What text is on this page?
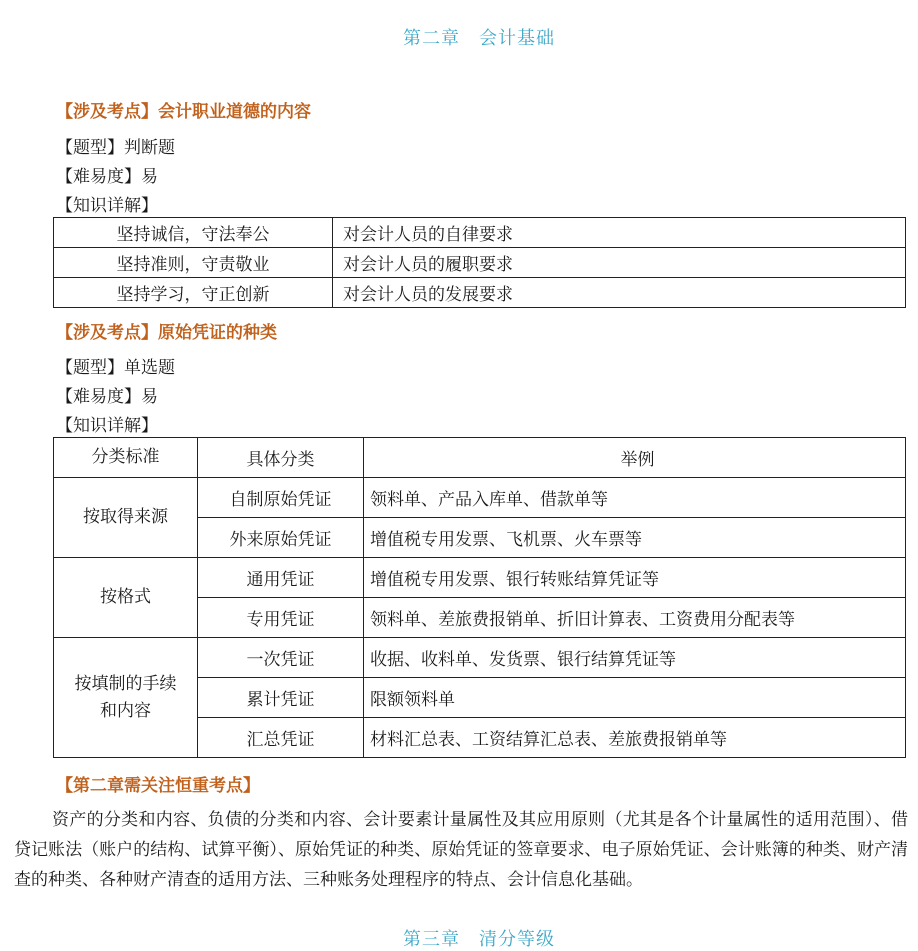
第二章　会计基础
【涉及考点】会计职业道德的内容
【题型】判断题
【难易度】易
【知识详解】
坚持诚信，守法奉公	对会计人员的自律要求
坚持准则，守责敬业	对会计人员的履职要求
坚持学习，守正创新	对会计人员的发展要求
【涉及考点】原始凭证的种类
【题型】单选题
【难易度】易
【知识详解】
分类标准	具体分类	举例
按取得来源	自制原始凭证	领料单、产品入库单、借款单等
	外来原始凭证	增值税专用发票、飞机票、火车票等
按格式	通用凭证	增值税专用发票、银行转账结算凭证等
	专用凭证	领料单、差旅费报销单、折旧计算表、工资费用分配表等

按填制的手续
和内容	一次凭证	收据、收料单、发货票、银行结算凭证等
	累计凭证	限额领料单
	汇总凭证	材料汇总表、工资结算汇总表、差旅费报销单等
【第二章需关注恒重考点】

资产的分类和内容、负债的分类和内容、会计要素计量属性及其应用原则（尤其是各个计量属性的适用范围）、借贷记账法（账户的结构、试算平衡）、原始凭证的种类、原始凭证的签章要求、电子原始凭证、会计账簿的种类、财产清查的种类、各种财产清查的适用方法、三种账务处理程序的特点、会计信息化基础。

第三章　清分等级
